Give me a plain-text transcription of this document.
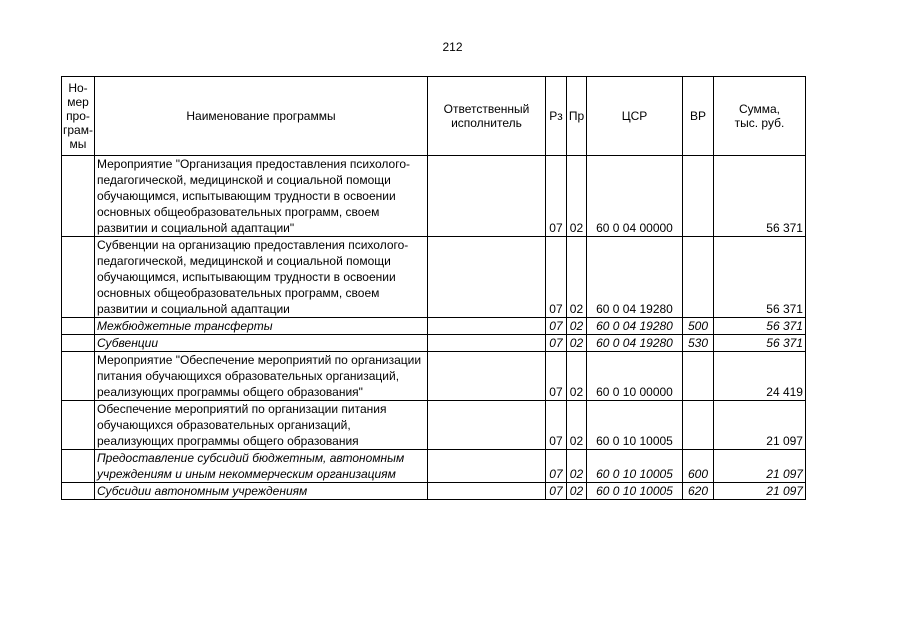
212
Но-
мер
про-
грам-
мы	Наименование программы	Ответственный исполнитель	Рз	Пр	ЦСР	ВР	Сумма,
тыс. руб.

	Мероприятие "Организация предоставления психолого-педагогической, медицинской и социальной помощи обучающимся, испытывающим трудности в освоении основных общеобразовательных программ, своем развитии и социальной адаптации"		07	02	60 0 04 00000		56 371
	Субвенции на организацию предоставления психолого-педагогической, медицинской и социальной помощи обучающимся, испытывающим трудности в освоении основных общеобразовательных программ, своем развитии и социальной адаптации		07	02	60 0 04 19280		56 371
	Межбюджетные трансферты		07	02	60 0 04 19280	500	56 371
	Субвенции		07	02	60 0 04 19280	530	56 371
	Мероприятие "Обеспечение мероприятий по организации питания обучающихся образовательных организаций, реализующих программы общего образования"		07	02	60 0 10 00000		24 419
	Обеспечение мероприятий по организации питания обучающихся образовательных организаций, реализующих программы общего образования		07	02	60 0 10 10005		21 097
	Предоставление субсидий бюджетным, автономным учреждениям и иным некоммерческим организациям		07	02	60 0 10 10005	600	21 097
	Субсидии автономным учреждениям		07	02	60 0 10 10005	620	21 097
